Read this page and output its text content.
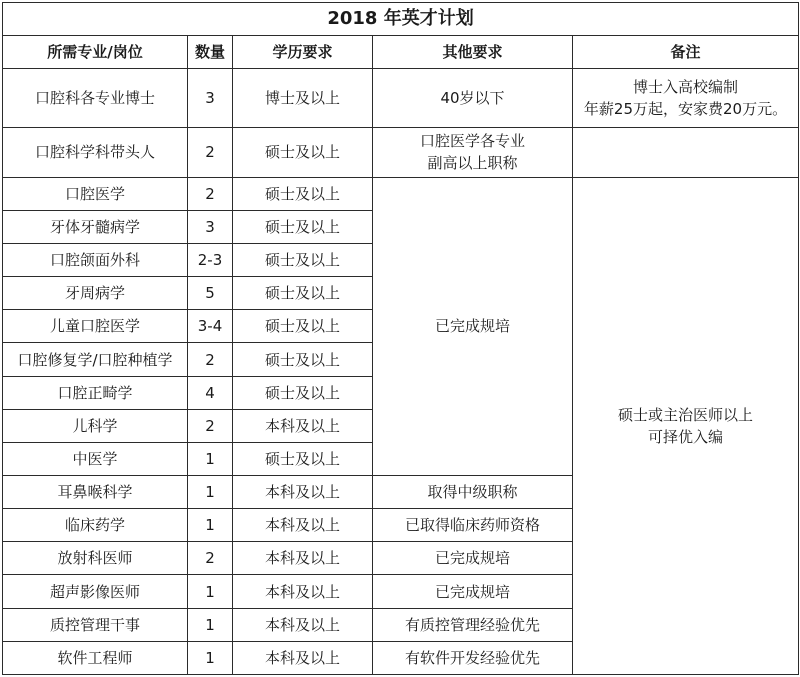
2018 年英才计划				
所需专业/岗位	数量	学历要求	其他要求	备注
口腔科各专业博士	3	博士及以上	40岁以下	博士入高校编制
年薪25万起，安家费20万元。

口腔科学科带头人	2	硕士及以上	口腔医学各专业
副高以上职称	

口腔医学	2	硕士及以上	已完成规培	硕士或主治医师以上
可择优入编

牙体牙髓病学	3	硕士及以上		
口腔颌面外科	2-3	硕士及以上		
牙周病学	5	硕士及以上		
儿童口腔医学	3-4	硕士及以上		
口腔修复学/口腔种植学	2	硕士及以上		
口腔正畸学	4	硕士及以上		
儿科学	2	本科及以上		
中医学	1	硕士及以上		
耳鼻喉科学	1	本科及以上	取得中级职称	
临床药学	1	本科及以上	已取得临床药师资格	
放射科医师	2	本科及以上	已完成规培	
超声影像医师	1	本科及以上	已完成规培	
质控管理干事	1	本科及以上	有质控管理经验优先	
软件工程师	1	本科及以上	有软件开发经验优先	
